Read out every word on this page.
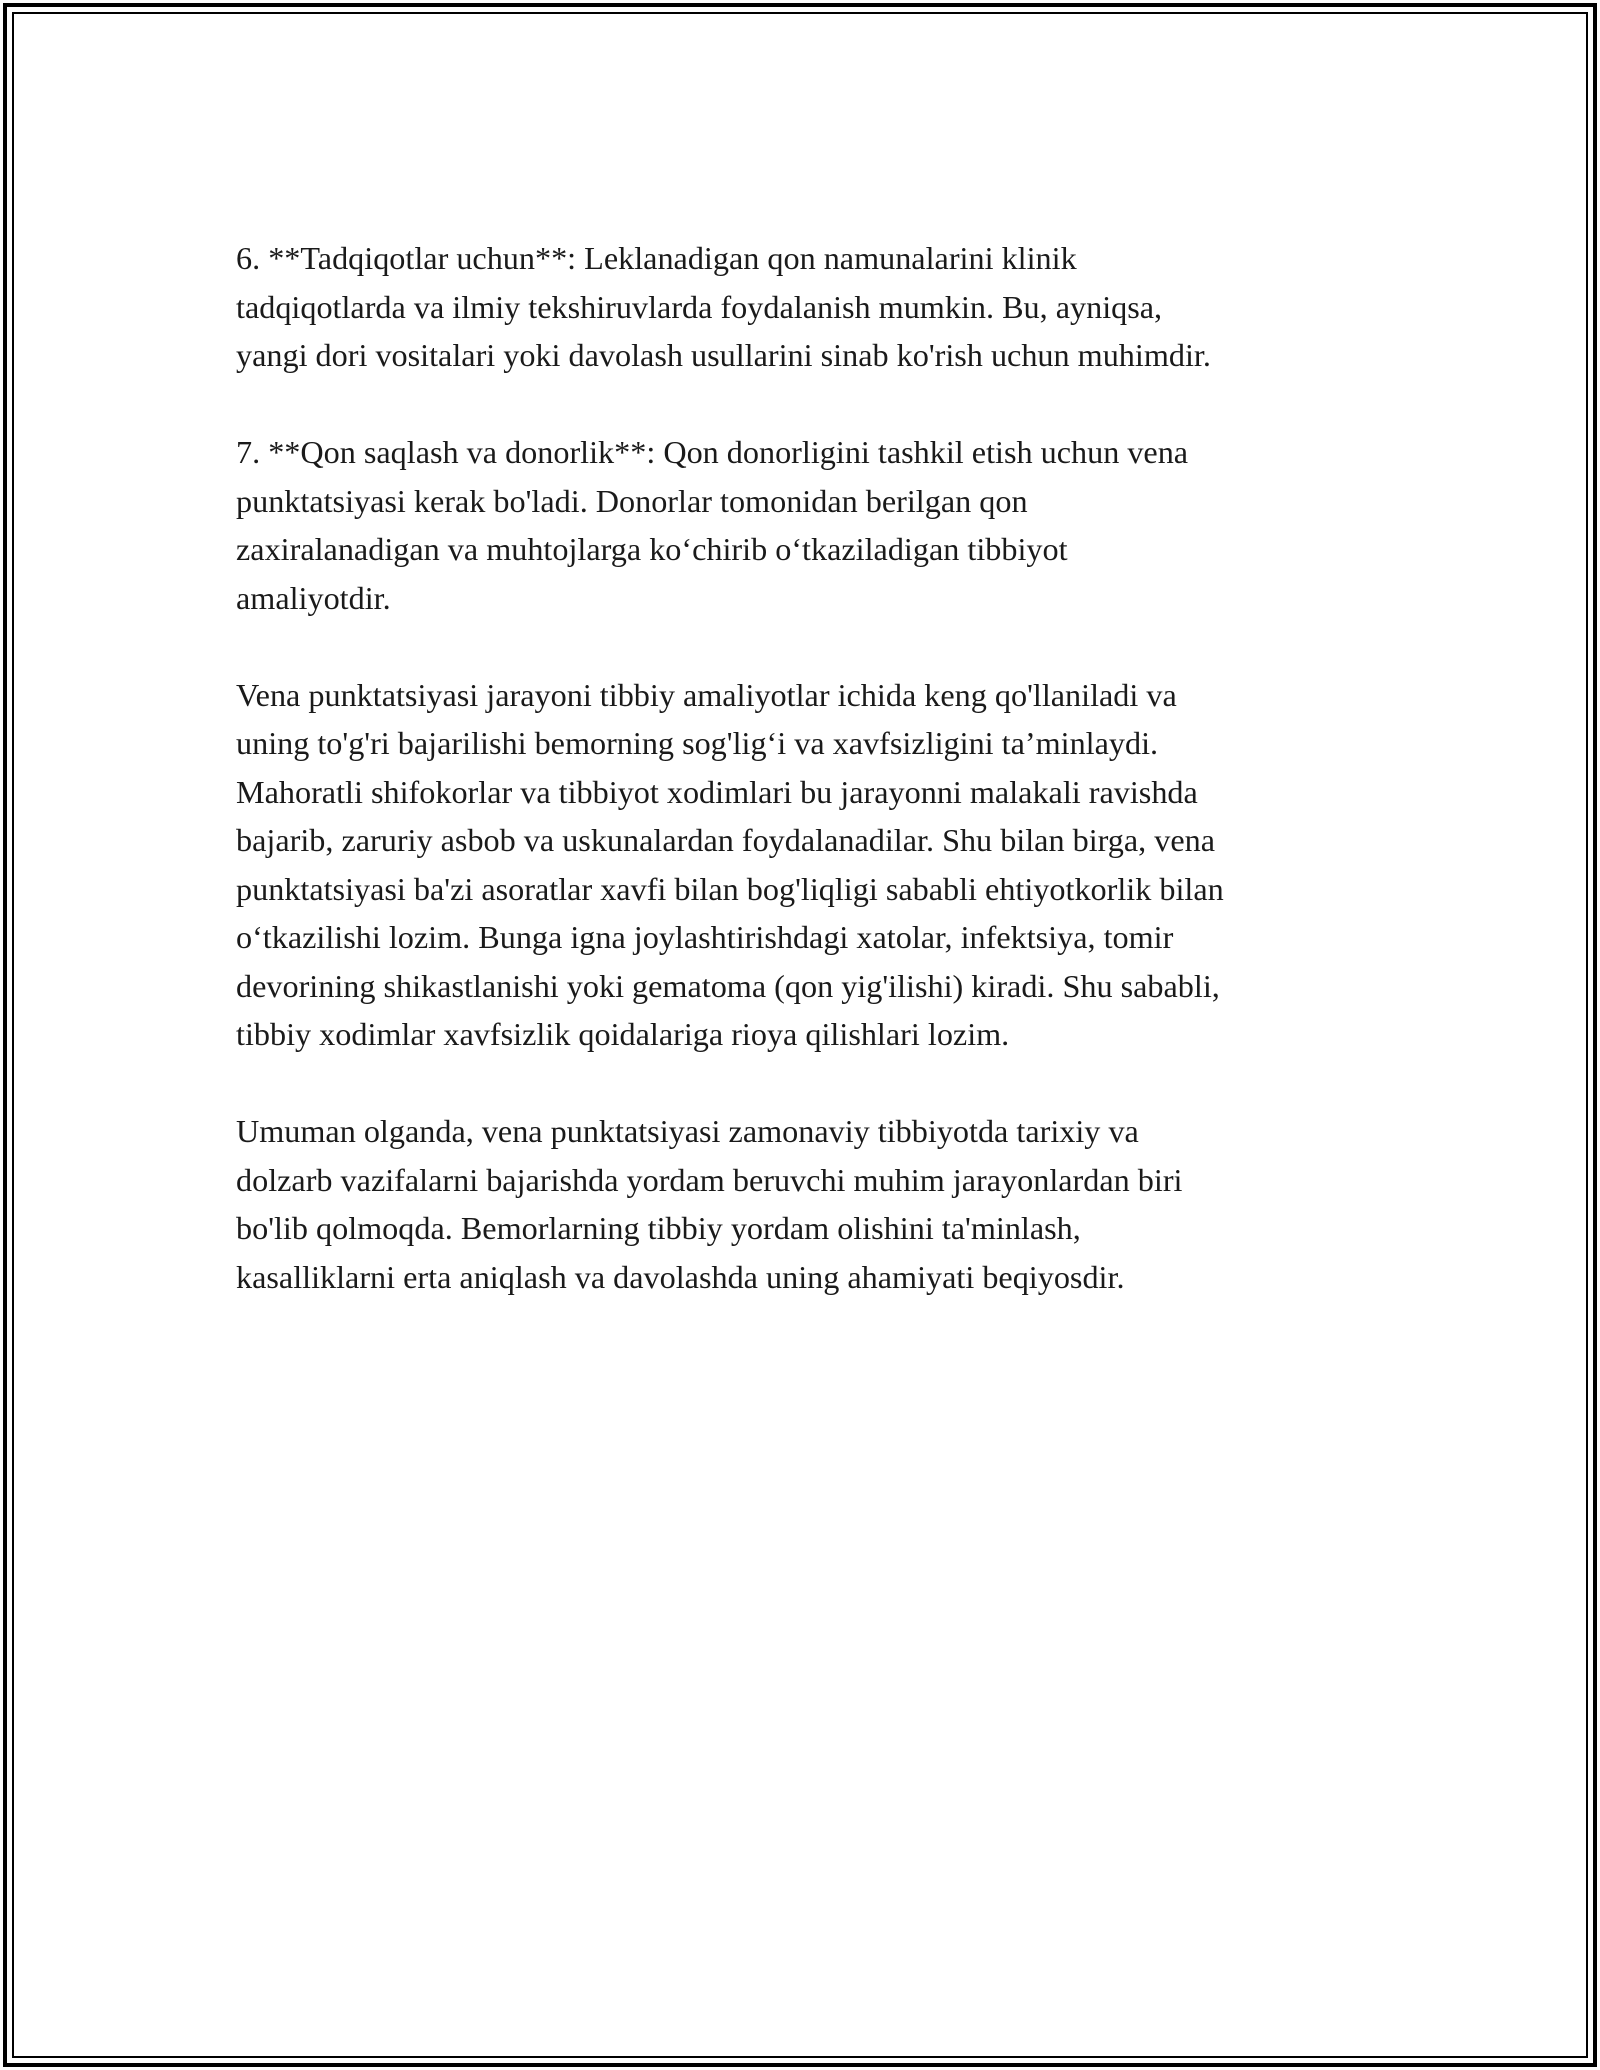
6. **Tadqiqotlar uchun**: Leklanadigan qon namunalarini klinik
tadqiqotlarda va ilmiy tekshiruvlarda foydalanish mumkin. Bu, ayniqsa,
yangi dori vositalari yoki davolash usullarini sinab ko'rish uchun muhimdir.

7. **Qon saqlash va donorlik**: Qon donorligini tashkil etish uchun vena
punktatsiyasi kerak bo'ladi. Donorlar tomonidan berilgan qon
zaxiralanadigan va muhtojlarga ko‘chirib o‘tkaziladigan tibbiyot
amaliyotdir.

Vena punktatsiyasi jarayoni tibbiy amaliyotlar ichida keng qo'llaniladi va
uning to'g'ri bajarilishi bemorning sog'lig‘i va xavfsizligini ta’minlaydi.
Mahoratli shifokorlar va tibbiyot xodimlari bu jarayonni malakali ravishda
bajarib, zaruriy asbob va uskunalardan foydalanadilar. Shu bilan birga, vena
punktatsiyasi ba'zi asoratlar xavfi bilan bog'liqligi sababli ehtiyotkorlik bilan
o‘tkazilishi lozim. Bunga igna joylashtirishdagi xatolar, infektsiya, tomir
devorining shikastlanishi yoki gematoma (qon yig'ilishi) kiradi. Shu sababli,
tibbiy xodimlar xavfsizlik qoidalariga rioya qilishlari lozim.

Umuman olganda, vena punktatsiyasi zamonaviy tibbiyotda tarixiy va
dolzarb vazifalarni bajarishda yordam beruvchi muhim jarayonlardan biri
bo'lib qolmoqda. Bemorlarning tibbiy yordam olishini ta'minlash,
kasalliklarni erta aniqlash va davolashda uning ahamiyati beqiyosdir.
